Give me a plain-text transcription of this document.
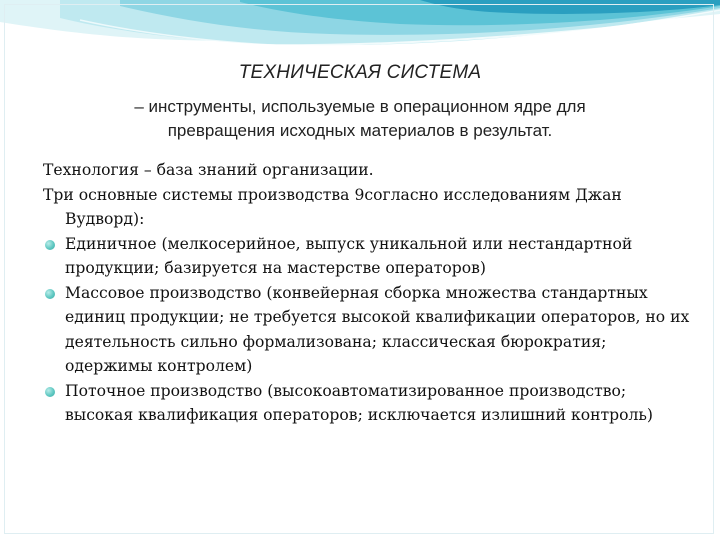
ТЕХНИЧЕСКАЯ СИСТЕМА
– инструменты, используемые в операционном ядре для превращения исходных материалов в результат.

Технология – база знаний организации.

Три основные системы производства 9согласно исследованиям Джан Вудворд):

Единичное (мелкосерийное, выпуск уникальной или нестандартной продукции; базируется на мастерстве операторов)
Массовое производство (конвейерная сборка множества стандартных единиц продукции; не требуется высокой квалификации операторов, но их деятельность сильно формализована; классическая бюрократия; одержимы контролем)
Поточное производство (высокоавтоматизированное производство; высокая квалификация операторов; исключается излишний контроль)
